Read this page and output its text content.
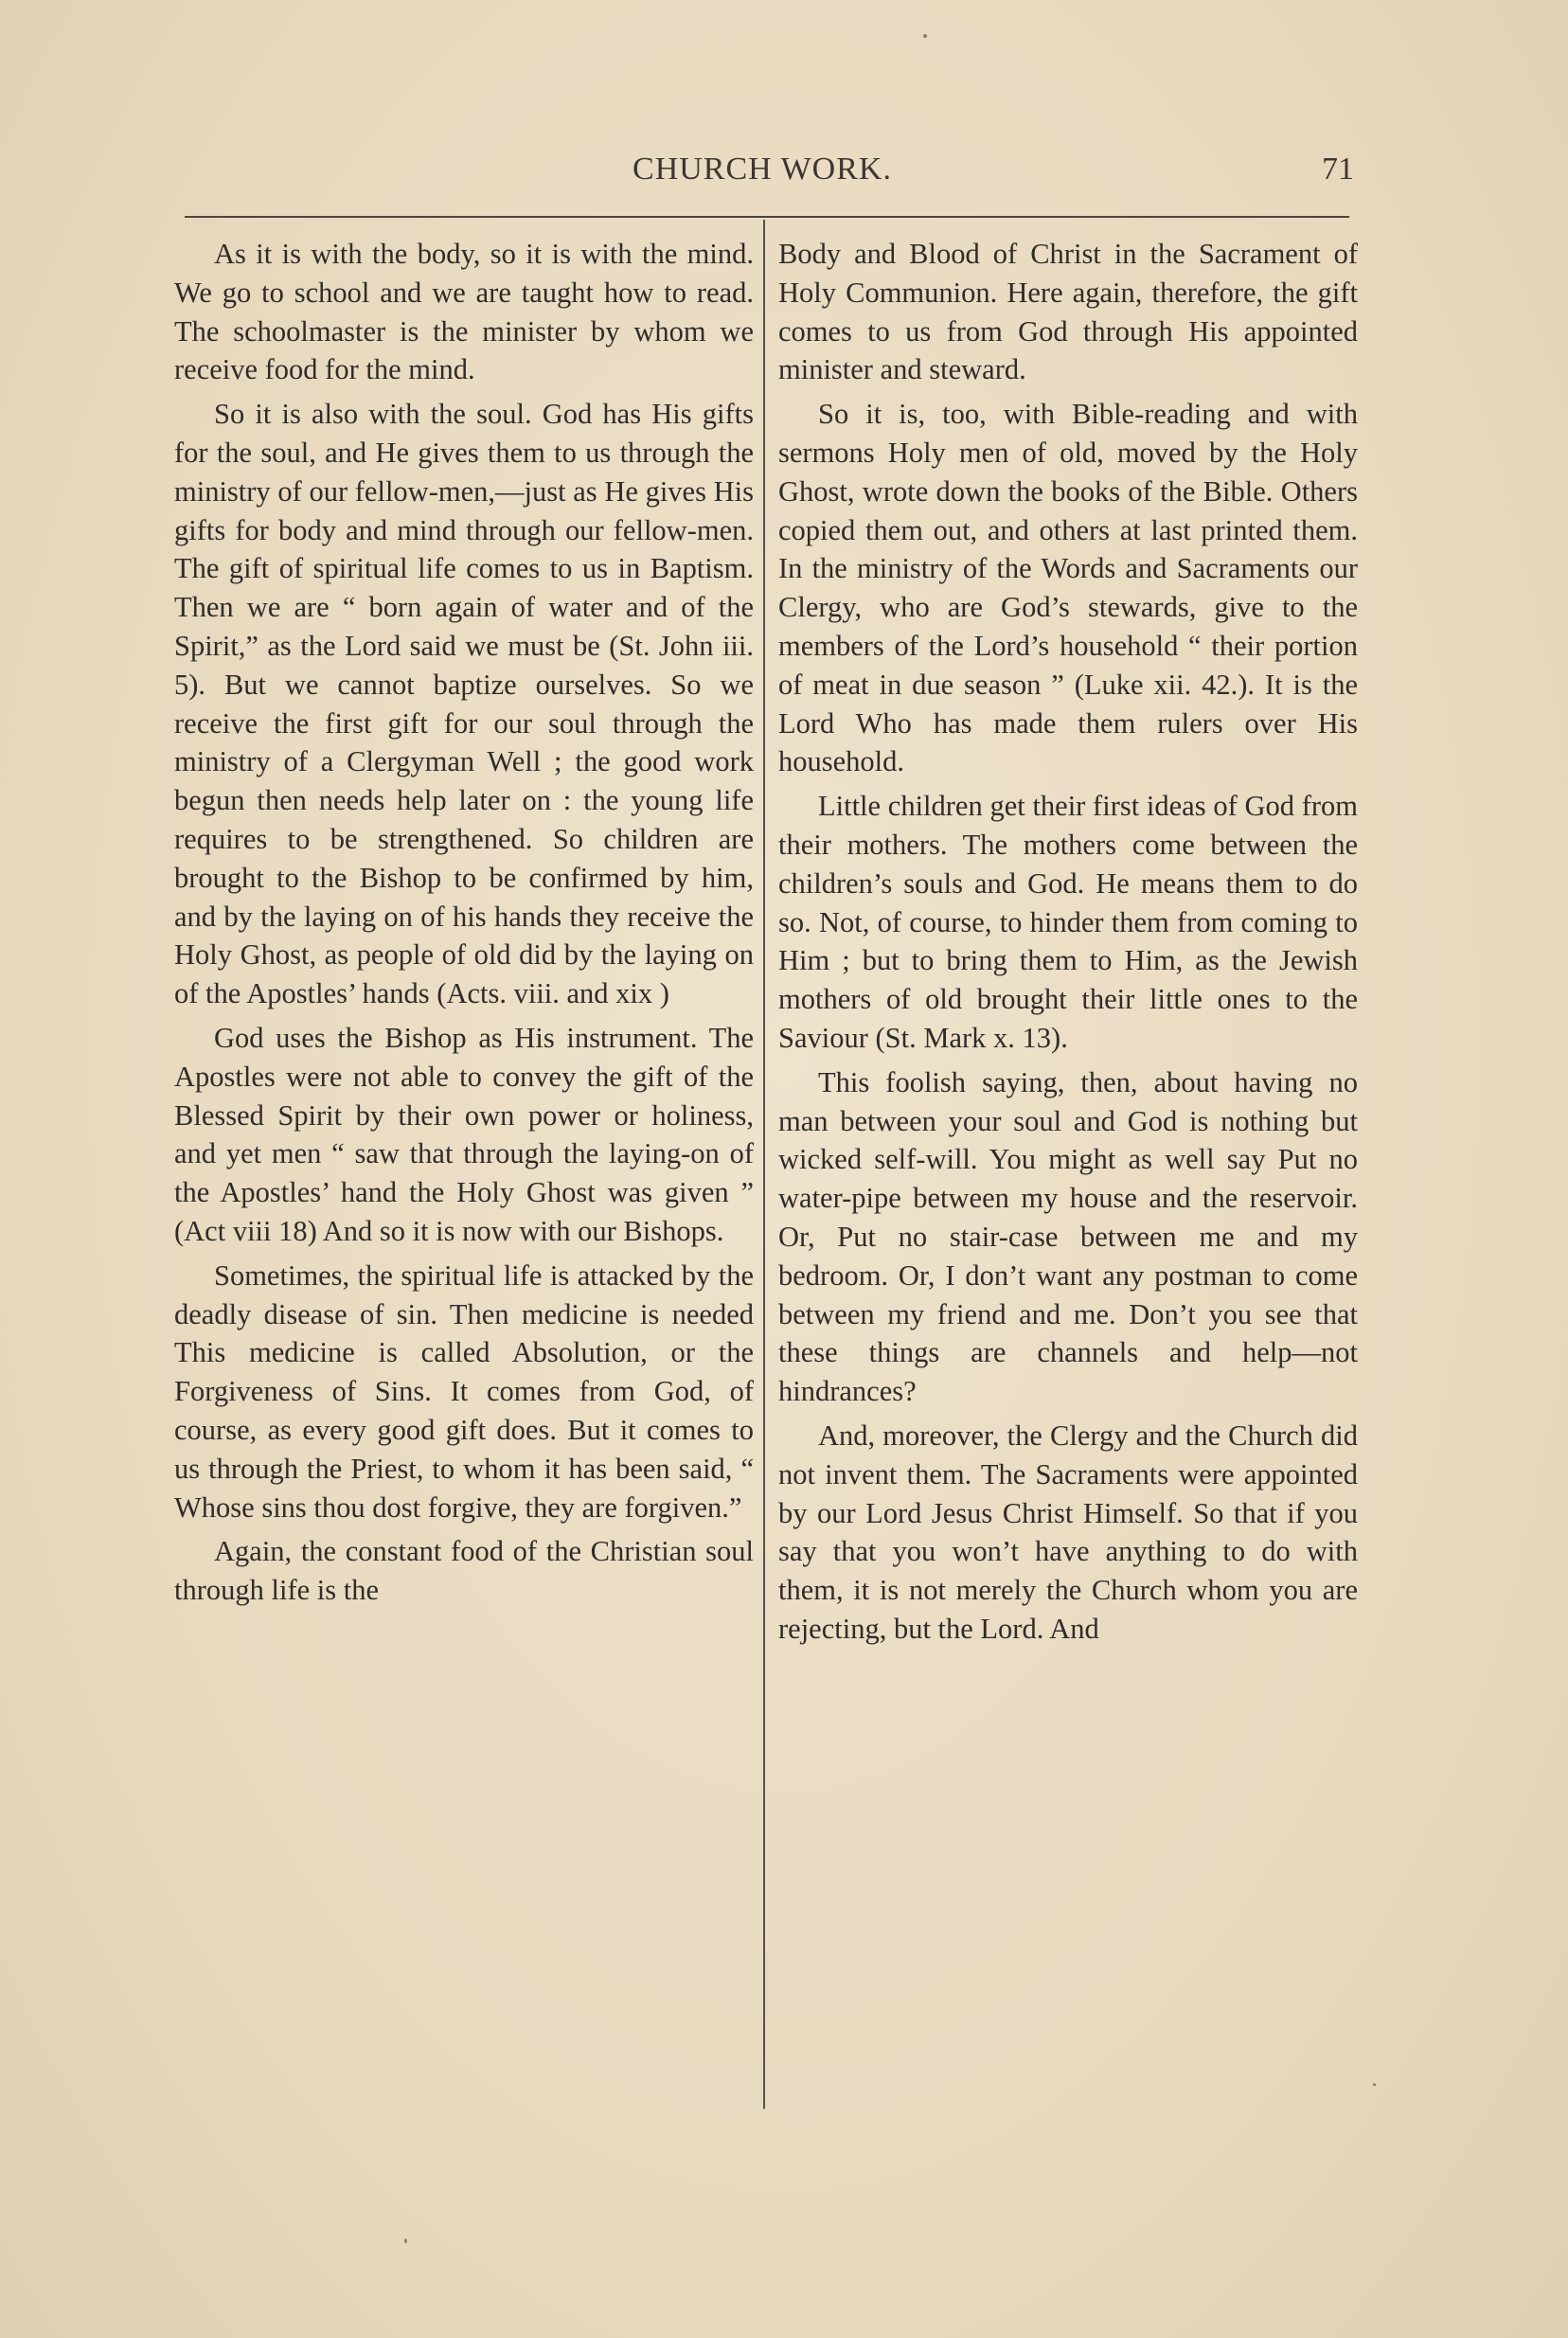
CHURCH WORK.	71

As it is with the body, so it is with the mind. We go to school and we are taught how to read. The schoolmaster is the minister by whom we receive food for the mind.

So it is also with the soul. God has His gifts for the soul, and He gives them to us through the ministry of our fellow-men,—just as He gives His gifts for body and mind through our fellow-men. The gift of spiritual life comes to us in Baptism. Then we are “ born again of water and of the Spirit,” as the Lord said we must be (St. John iii. 5). But we cannot baptize ourselves. So we receive the first gift for our soul through the ministry of a Clergyman Well ; the good work begun then needs help later on : the young life requires to be strengthened. So children are brought to the Bishop to be confirmed by him, and by the laying on of his hands they receive the Holy Ghost, as people of old did by the laying on of the Apostles’ hands (Acts. viii. and xix )

God uses the Bishop as His instrument. The Apostles were not able to convey the gift of the Blessed Spirit by their own power or holiness, and yet men “ saw that through the laying-on of the Apostles’ hand the Holy Ghost was given ” (Act viii 18) And so it is now with our Bishops.

Sometimes, the spiritual life is attacked by the deadly disease of sin. Then medicine is needed This medicine is called Absolution, or the Forgiveness of Sins. It comes from God, of course, as every good gift does. But it comes to us through the Priest, to whom it has been said, “ Whose sins thou dost forgive, they are forgiven.”

Again, the constant food of the Christian soul through life is the

Body and Blood of Christ in the Sacrament of Holy Communion. Here again, therefore, the gift comes to us from God through His appointed minister and steward.

So it is, too, with Bible-reading and with sermons Holy men of old, moved by the Holy Ghost, wrote down the books of the Bible. Others copied them out, and others at last printed them. In the ministry of the Words and Sacraments our Clergy, who are God’s stewards, give to the members of the Lord’s household “ their portion of meat in due season ” (Luke xii. 42.). It is the Lord Who has made them rulers over His household.

Little children get their first ideas of God from their mothers. The mothers come between the children’s souls and God. He means them to do so. Not, of course, to hinder them from coming to Him ; but to bring them to Him, as the Jewish mothers of old brought their little ones to the Saviour (St. Mark x. 13).

This foolish saying, then, about having no man between your soul and God is nothing but wicked self-will. You might as well say Put no water-pipe between my house and the reservoir. Or, Put no stair-case between me and my bedroom. Or, I don’t want any postman to come between my friend and me. Don’t you see that these things are channels and help—not hindrances?

And, moreover, the Clergy and the Church did not invent them. The Sacraments were appointed by our Lord Jesus Christ Himself. So that if you say that you won’t have anything to do with them, it is not merely the Church whom you are rejecting, but the Lord. And
